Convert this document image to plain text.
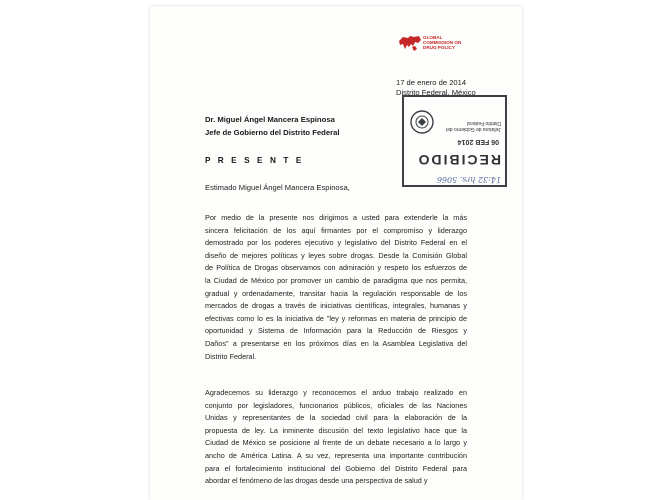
GLOBAL
COMMISSION ON
DRUG POLICY
17 de enero de 2014
Distrito Federal, México
14:32 hrs. 5066
RECIBIDO
06 FEB 2014
Jefatura de Gobierno del
Distrito Federal
Dr. Miguel Ángel Mancera Espinosa
Jefe de Gobierno del Distrito Federal
P R E S E N T E
Estimado Miguel Ángel Mancera Espinosa,
Por medio de la presente nos dirigimos a usted para extenderle la más
sincera felicitación de los aquí firmantes por el compromiso y liderazgo
demostrado por los poderes ejecutivo y legislativo del Distrito Federal en el
diseño de mejores políticas y leyes sobre drogas. Desde la Comisión Global
de Política de Drogas observamos con admiración y respeto los esfuerzos de
la Ciudad de México por promover un cambio de paradigma que nos permita,
gradual y ordenadamente, transitar hacia la regulación responsable de los
mercados de drogas a través de iniciativas científicas, integrales, humanas y
efectivas como lo es la iniciativa de "ley y reformas en materia de principio de
oportunidad y Sistema de Información para la Reducción de Riesgos y
Daños" a presentarse en los próximos días en la Asamblea Legislativa del
Distrito Federal.
Agradecemos su liderazgo y reconocemos el arduo trabajo realizado en
conjunto por legisladores, funcionarios públicos, oficiales de las Naciones
Unidas y representantes de la sociedad civil para la elaboración de la
propuesta de ley. La inminente discusión del texto legislativo hace que la
Ciudad de México se posicione al frente de un debate necesario a lo largo y
ancho de América Latina. A su vez, representa una importante contribución
para el fortalecimiento institucional del Gobierno del Distrito Federal para
abordar el fenómeno de las drogas desde una perspectiva de salud y
